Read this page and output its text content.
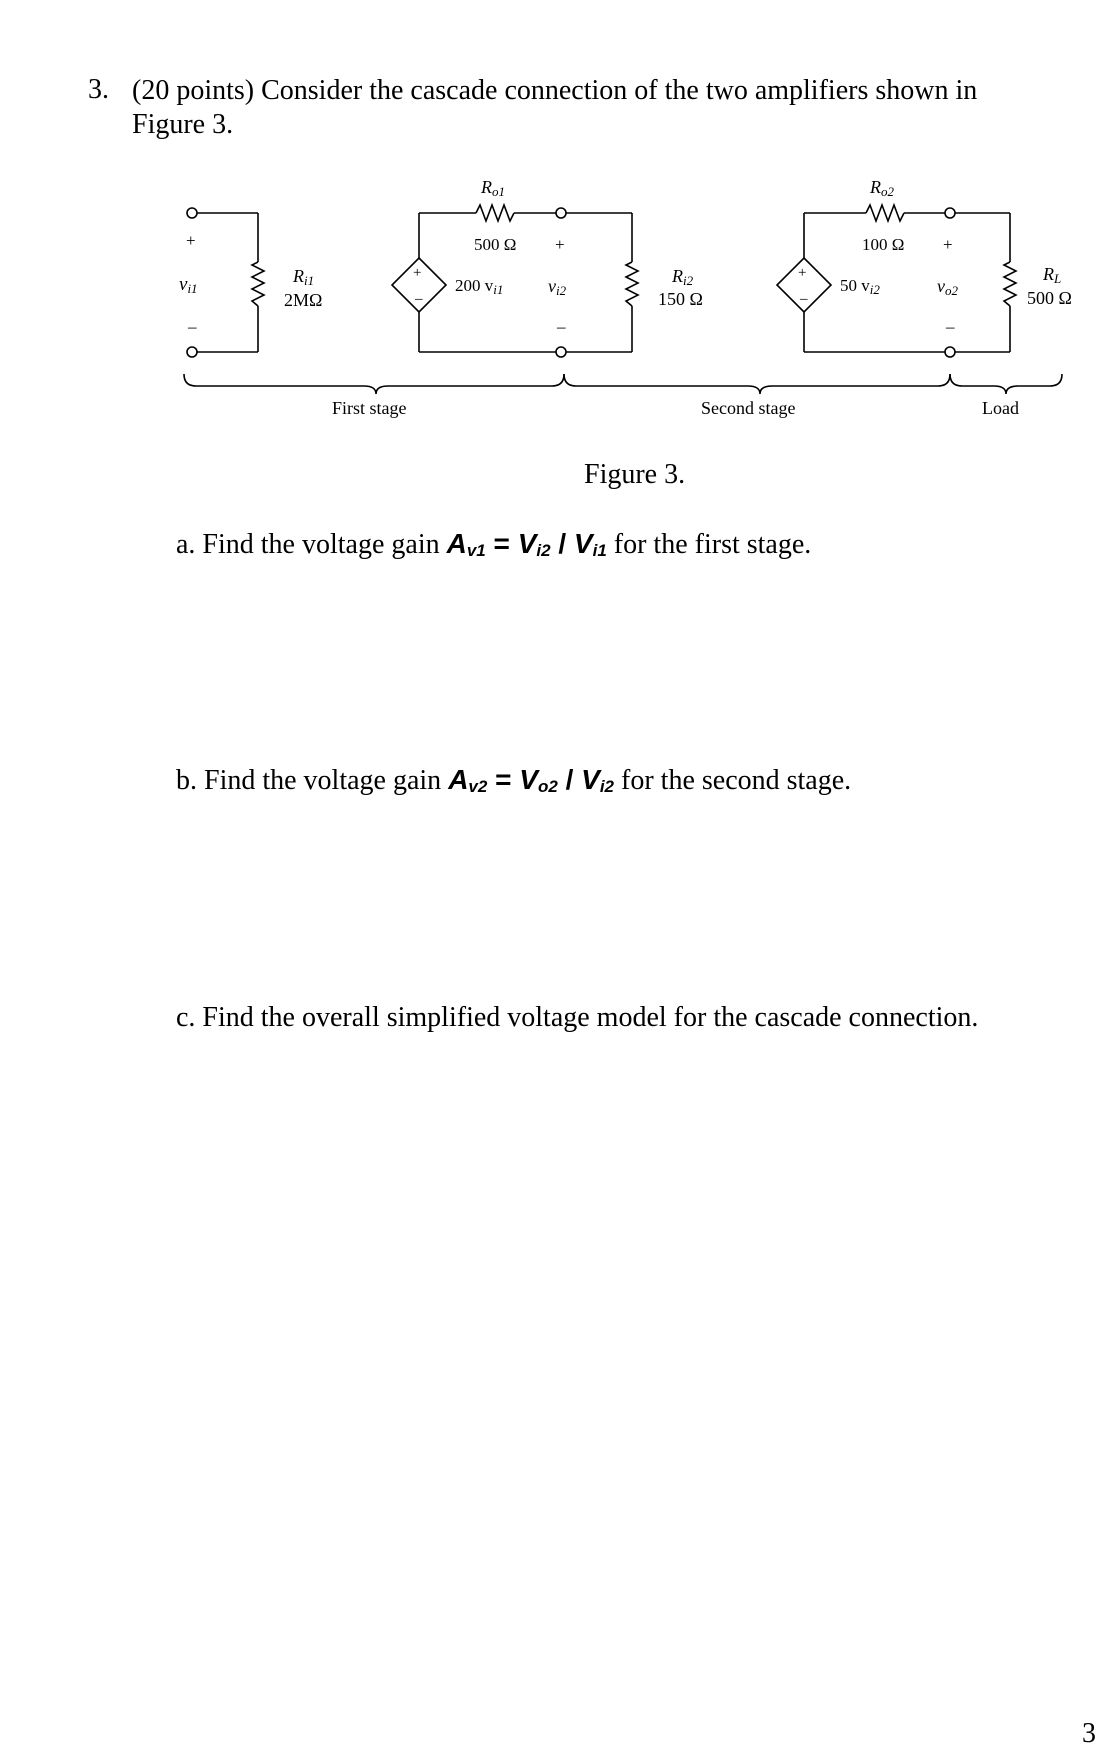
3. (20 points) Consider the cascade connection of the two amplifiers shown in Figure 3.
+
vi1
–
Ri1
2MΩ
Ro1
500 Ω
+
–
200 vi1
+
vi2
–
Ri2
150 Ω
Ro2
100 Ω
+
–
50 vi2
+
vo2
–
RL
500 Ω
First stage	Second stage	Load
Figure 3.
a. Find the voltage gain $A_{v1} = V_{i2} / V_{i1}$ for the first stage.
b. Find the voltage gain $A_{v2} = V_{o2} / V_{i2}$ for the second stage.
c. Find the overall simplified voltage model for the cascade connection.
3
